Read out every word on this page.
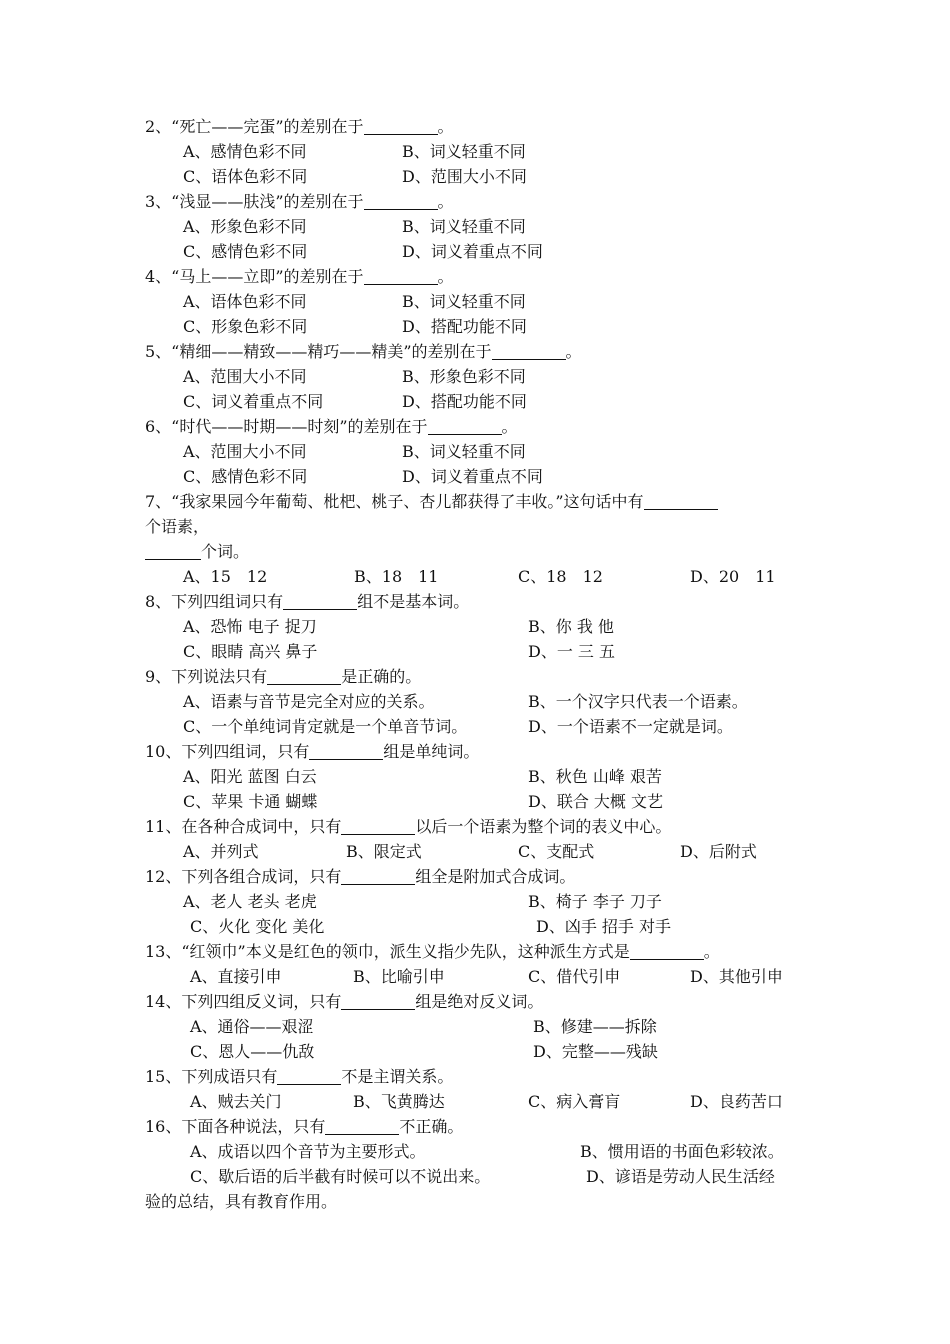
2、“死亡——完蛋”的差别在于	。
A、感情色彩不同	B、词义轻重不同
C、语体色彩不同	D、范围大小不同
3、“浅显——肤浅”的差别在于	。
A、形象色彩不同	B、词义轻重不同
C、感情色彩不同	D、词义着重点不同
4、“马上——立即”的差别在于	。
A、语体色彩不同	B、词义轻重不同
C、形象色彩不同	D、搭配功能不同
5、“精细——精致——精巧——精美”的差别在于	。
A、范围大小不同	B、形象色彩不同
C、词义着重点不同	D、搭配功能不同
6、“时代——时期——时刻”的差别在于	。
A、范围大小不同	B、词义轻重不同
C、感情色彩不同	D、词义着重点不同
7、“我家果园今年葡萄、枇杷、桃子、杏儿都获得了丰收。”这句话中有
个语素，
个词。
A、15　12	B、18　11	C、18　12	D、20　11
8、下列四组词只有	组不是基本词。
A、恐怖 电子 捉刀	B、你 我 他
C、眼睛 高兴 鼻子	D、一 三 五
9、下列说法只有	是正确的。
A、语素与音节是完全对应的关系。	B、一个汉字只代表一个语素。
C、一个单纯词肯定就是一个单音节词。	D、一个语素不一定就是词。
10、下列四组词，只有	组是单纯词。
A、阳光 蓝图 白云	B、秋色 山峰 艰苦
C、苹果 卡通 蝴蝶	D、联合 大概 文艺
11、在各种合成词中，只有	以后一个语素为整个词的表义中心。
A、并列式	B、限定式	C、支配式	D、后附式
12、下列各组合成词，只有	组全是附加式合成词。
A、老人 老头 老虎	B、椅子 李子 刀子
C、火化 变化 美化	D、凶手 招手 对手
13、“红领巾”本义是红色的领巾，派生义指少先队，这种派生方式是	。
A、直接引申	B、比喻引申	C、借代引申	D、其他引申
14、下列四组反义词，只有	组是绝对反义词。
A、通俗——艰涩	B、修建——拆除
C、恩人——仇敌	D、完整——残缺
15、下列成语只有	不是主谓关系。
A、贼去关门	B、飞黄腾达	C、病入膏肓	D、良药苦口
16、下面各种说法，只有	不正确。
A、成语以四个音节为主要形式。	B、惯用语的书面色彩较浓。
C、歇后语的后半截有时候可以不说出来。	D、谚语是劳动人民生活经
验的总结，具有教育作用。
